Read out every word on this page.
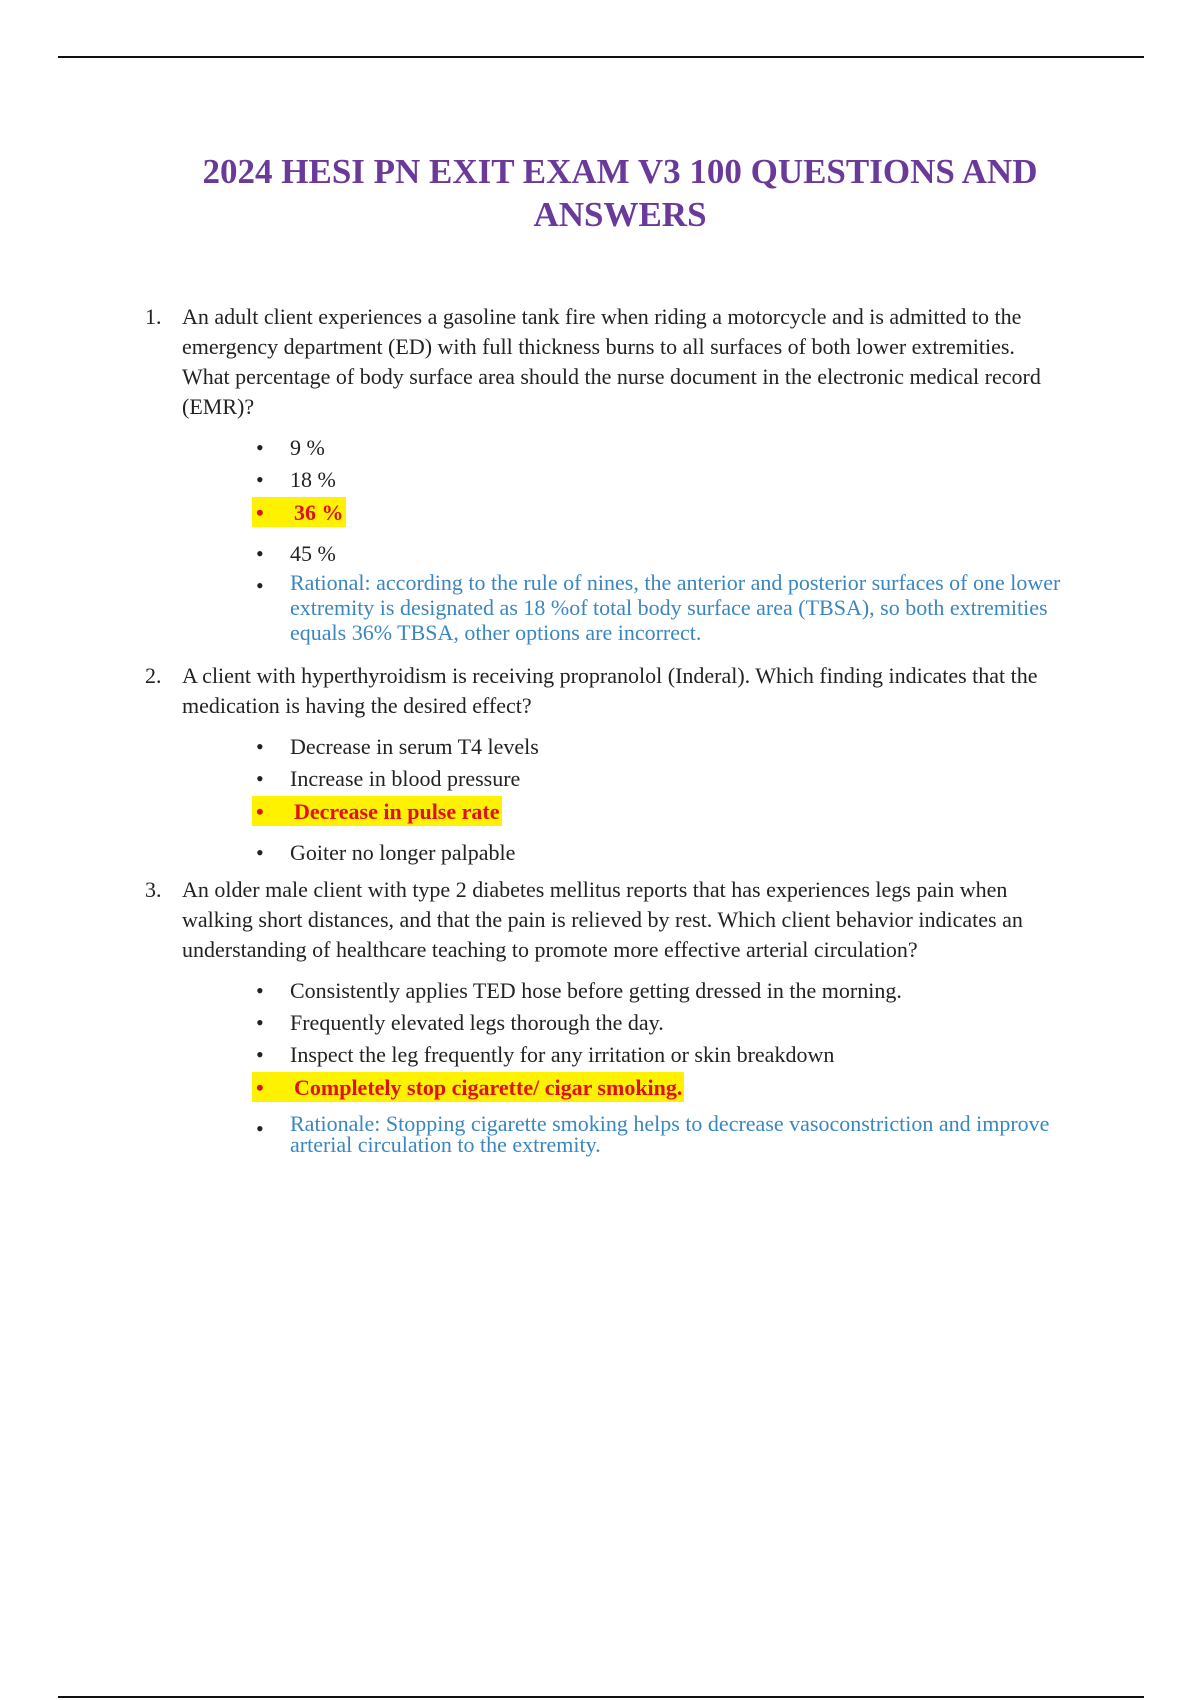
2024 HESI PN EXIT EXAM V3 100 QUESTIONS AND ANSWERS
1. An adult client experiences a gasoline tank fire when riding a motorcycle and is admitted to the emergency department (ED) with full thickness burns to all surfaces of both lower extremities. What percentage of body surface area should the nurse document in the electronic medical record (EMR)?

• 9 %
• 18 %
• 36 %
• 45 %
• Rational: according to the rule of nines, the anterior and posterior surfaces of one lower extremity is designated as 18 %of total body surface area (TBSA), so both extremities equals 36% TBSA, other options are incorrect.
2. A client with hyperthyroidism is receiving propranolol (Inderal). Which finding indicates that the medication is having the desired effect?

• Decrease in serum T4 levels
• Increase in blood pressure
• Decrease in pulse rate
• Goiter no longer palpable
3. An older male client with type 2 diabetes mellitus reports that has experiences legs pain when walking short distances, and that the pain is relieved by rest. Which client behavior indicates an understanding of healthcare teaching to promote more effective arterial circulation?

• Consistently applies TED hose before getting dressed in the morning.
• Frequently elevated legs thorough the day.
• Inspect the leg frequently for any irritation or skin breakdown
• Completely stop cigarette/ cigar smoking.
• Rationale: Stopping cigarette smoking helps to decrease vasoconstriction and improve arterial circulation to the extremity.
